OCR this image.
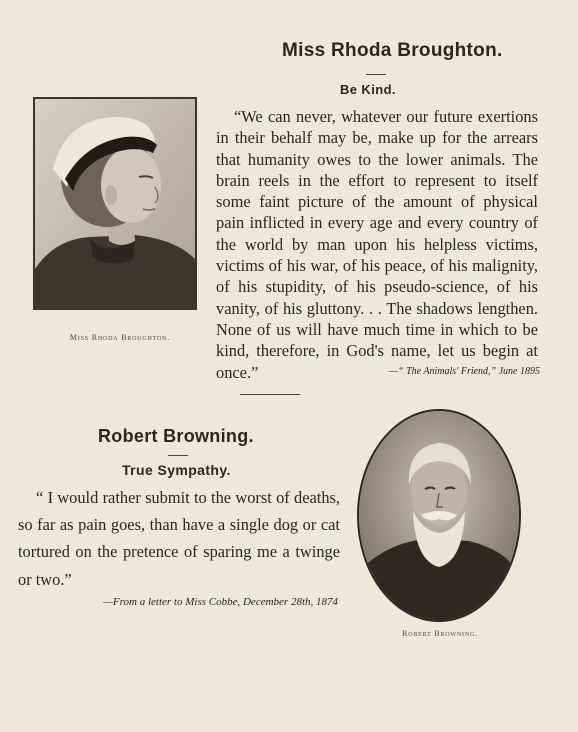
Miss Rhoda Broughton.
Be Kind.

“We can never, whatever our future exertions in their behalf may be, make up for the arrears that humanity owes to the lower animals. The brain reels in the effort to represent to itself some faint picture of the amount of physical pain inflicted in every age and every country of the world by man upon his helpless victims, victims of his war, of his peace, of his malignity, of his stupidity, of his pseudo-science, of his vanity, of his gluttony. . . The shadows lengthen. None of us will have much time in which to be kind, therefore, in God's name, let us begin at once.”	—“ The Animals' Friend,” June 1895
Miss Rhoda Broughton.
Robert Browning.
True Sympathy.

“ I would rather submit to the worst of deaths, so far as pain goes, than have a single dog or cat tortured on the pretence of sparing me a twinge or two.”

—From a letter to Miss Cobbe, December 28th, 1874
Robert Browning.
